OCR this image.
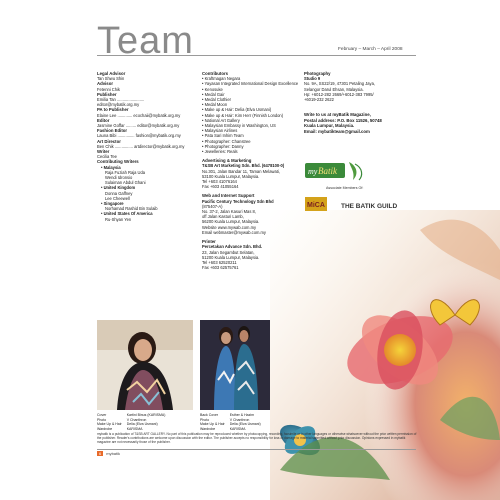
Team	February – March – April 2008
Legal Advisor
Tan Shwu Shin
Advisor
Fetenni Chik
Publisher
Emilia Tan ........................ editor@mybatik.org.my
PA to Publisher
Elaine Lee ............. ecochaii@mybatik.org.my
Editor
Jasmine Goffar ......... editor@mybatik.org.my
Fashion Editor
Launa Bibi ............... fashion@mybatik.org.my
Art Director
Ben Chik ................ artdirector@mybatik.org.my
Writer
Cecilia Tee
Contributing Writers
• Malaysia
Raja Fuziah Raja Uda
Wendi Idronsio
Sulaiman Abdul Ghani
• United Kingdom
Donna Gaffney
Lee Cheewell
• Singapore
Norhamad Rashid Bin Sulaib
• United States Of America
Ru-Shyan Yen
Contributors
• Kraftmagan Negara
• Yayasan Integrated International Design Excellence
• Kenosuke
• Medal Gair
• Medal Clothier
• Medal Moon
• Make up & Hair: Delia (Elva Usmani)
• Make up & Hair: Kim Herr (Finnish London)
• National Art Gallery
• Malaysian Embassy in Washington, US
• Malaysian Airlines
• Pata Sari Inhim Team
• Photographer: Chanstree
• Photographer: Danny
• Jewelleries: Reals
Advertising & Marketing
T&SB Art Marketing Sdn. Bhd. (6478100-0)
No.301, Jalan Bandar 11, Taman Melawati,
53100 Kuala Lumpur, Malaysia.
Tel +603 41076164
Fax +603 41055164
Web and Internet Support
Pacific Century Technology Sdn Bhd
(875407-A)
No. 37-2, Jalan Kasuri Mas 8,
off Jalan Kasturi Lamb,
56200 Kuala Lumpur, Malaysia.
Website www.mywab.com.my
Email webmaster@mywab.com.my
Printer
Percetakan Advance Sdn. Bhd.
23, Jalan Segambut Selatan,
51200 Kuala Lumpur, Malaysia.
Tel +603 62520211
Fax +603 62575761
Photography
Studio 9
No. 9A, SS22/19, 47301 Petaling Jaya,
Selangor Darul Ehsan, Malaysia.
Hp: +6012-282 2669/+6012-383 7995/
+6019-232 2622
Write to us at myBatik Magazine,
Postal address: P.O. Box 11526, 50748
Kuala Lumpur, Malaysia.
Email: mybatikteam@gmail.com
my Batik
Associate Members Of:
MiCA THE BATIK GUILD
Cover	Kartini Binus (KARISMA)
Photo	V Chanthron
Make Up & Hair	Delia (Elva Usmani)
Wardrobe	KARISMA
Back Cover	Esther & Hazim
Photo	V Chanthron
Make Up & Hair	Delia (Elva Usmani)
Wardrobe	KARISMA
mybatik is a publication of T&SB ART GALLERY. No part of this publication may be reproduced whether by photocopying, recording, facsimile or in other languages or otherwise whatsoever without the prior written permission of the publisher. Reader's contributions are welcome upon discussion with the editor. The publisher accepts no responsibility for loss or damage to material submitted without prior discussion. Opinions expressed in mybatik magazine are not necessarily those of the publisher.
6 mybatik
